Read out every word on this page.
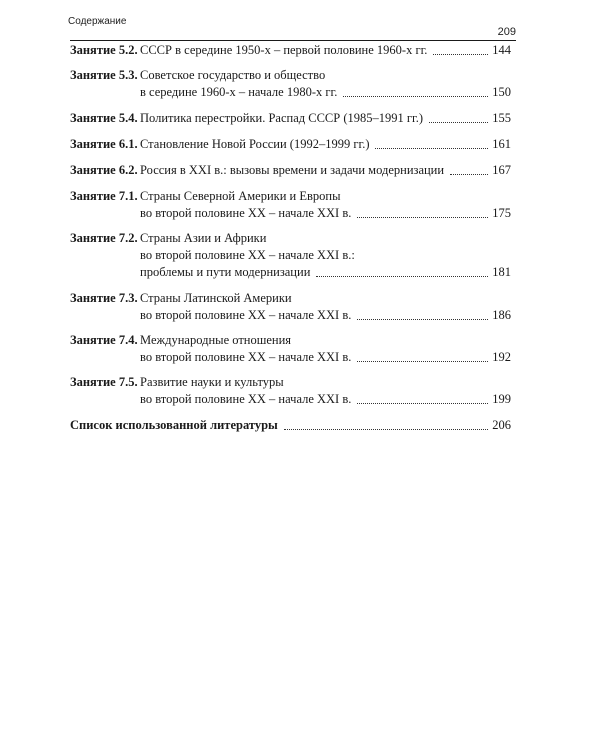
Содержание
209
Занятие 5.2. СССР в середине 1950-х – первой половине 1960-х гг.	144
Занятие 5.3. Советское государство и общество
в середине 1960-х – начале 1980-х гг.	150
Занятие 5.4. Политика перестройки. Распад СССР (1985–1991 гг.)	155
Занятие 6.1. Становление Новой России (1992–1999 гг.)	161
Занятие 6.2. Россия в XXI в.: вызовы времени и задачи модернизации	167
Занятие 7.1. Страны Северной Америки и Европы
во второй половине XX – начале XXI в.	175
Занятие 7.2. Страны Азии и Африки
во второй половине XX – начале XXI в.:
проблемы и пути модернизации	181
Занятие 7.3. Страны Латинской Америки
во второй половине XX – начале XXI в.	186
Занятие 7.4. Международные отношения
во второй половине XX – начале XXI в.	192
Занятие 7.5. Развитие науки и культуры
во второй половине XX – начале XXI в.	199
Список использованной литературы	206
